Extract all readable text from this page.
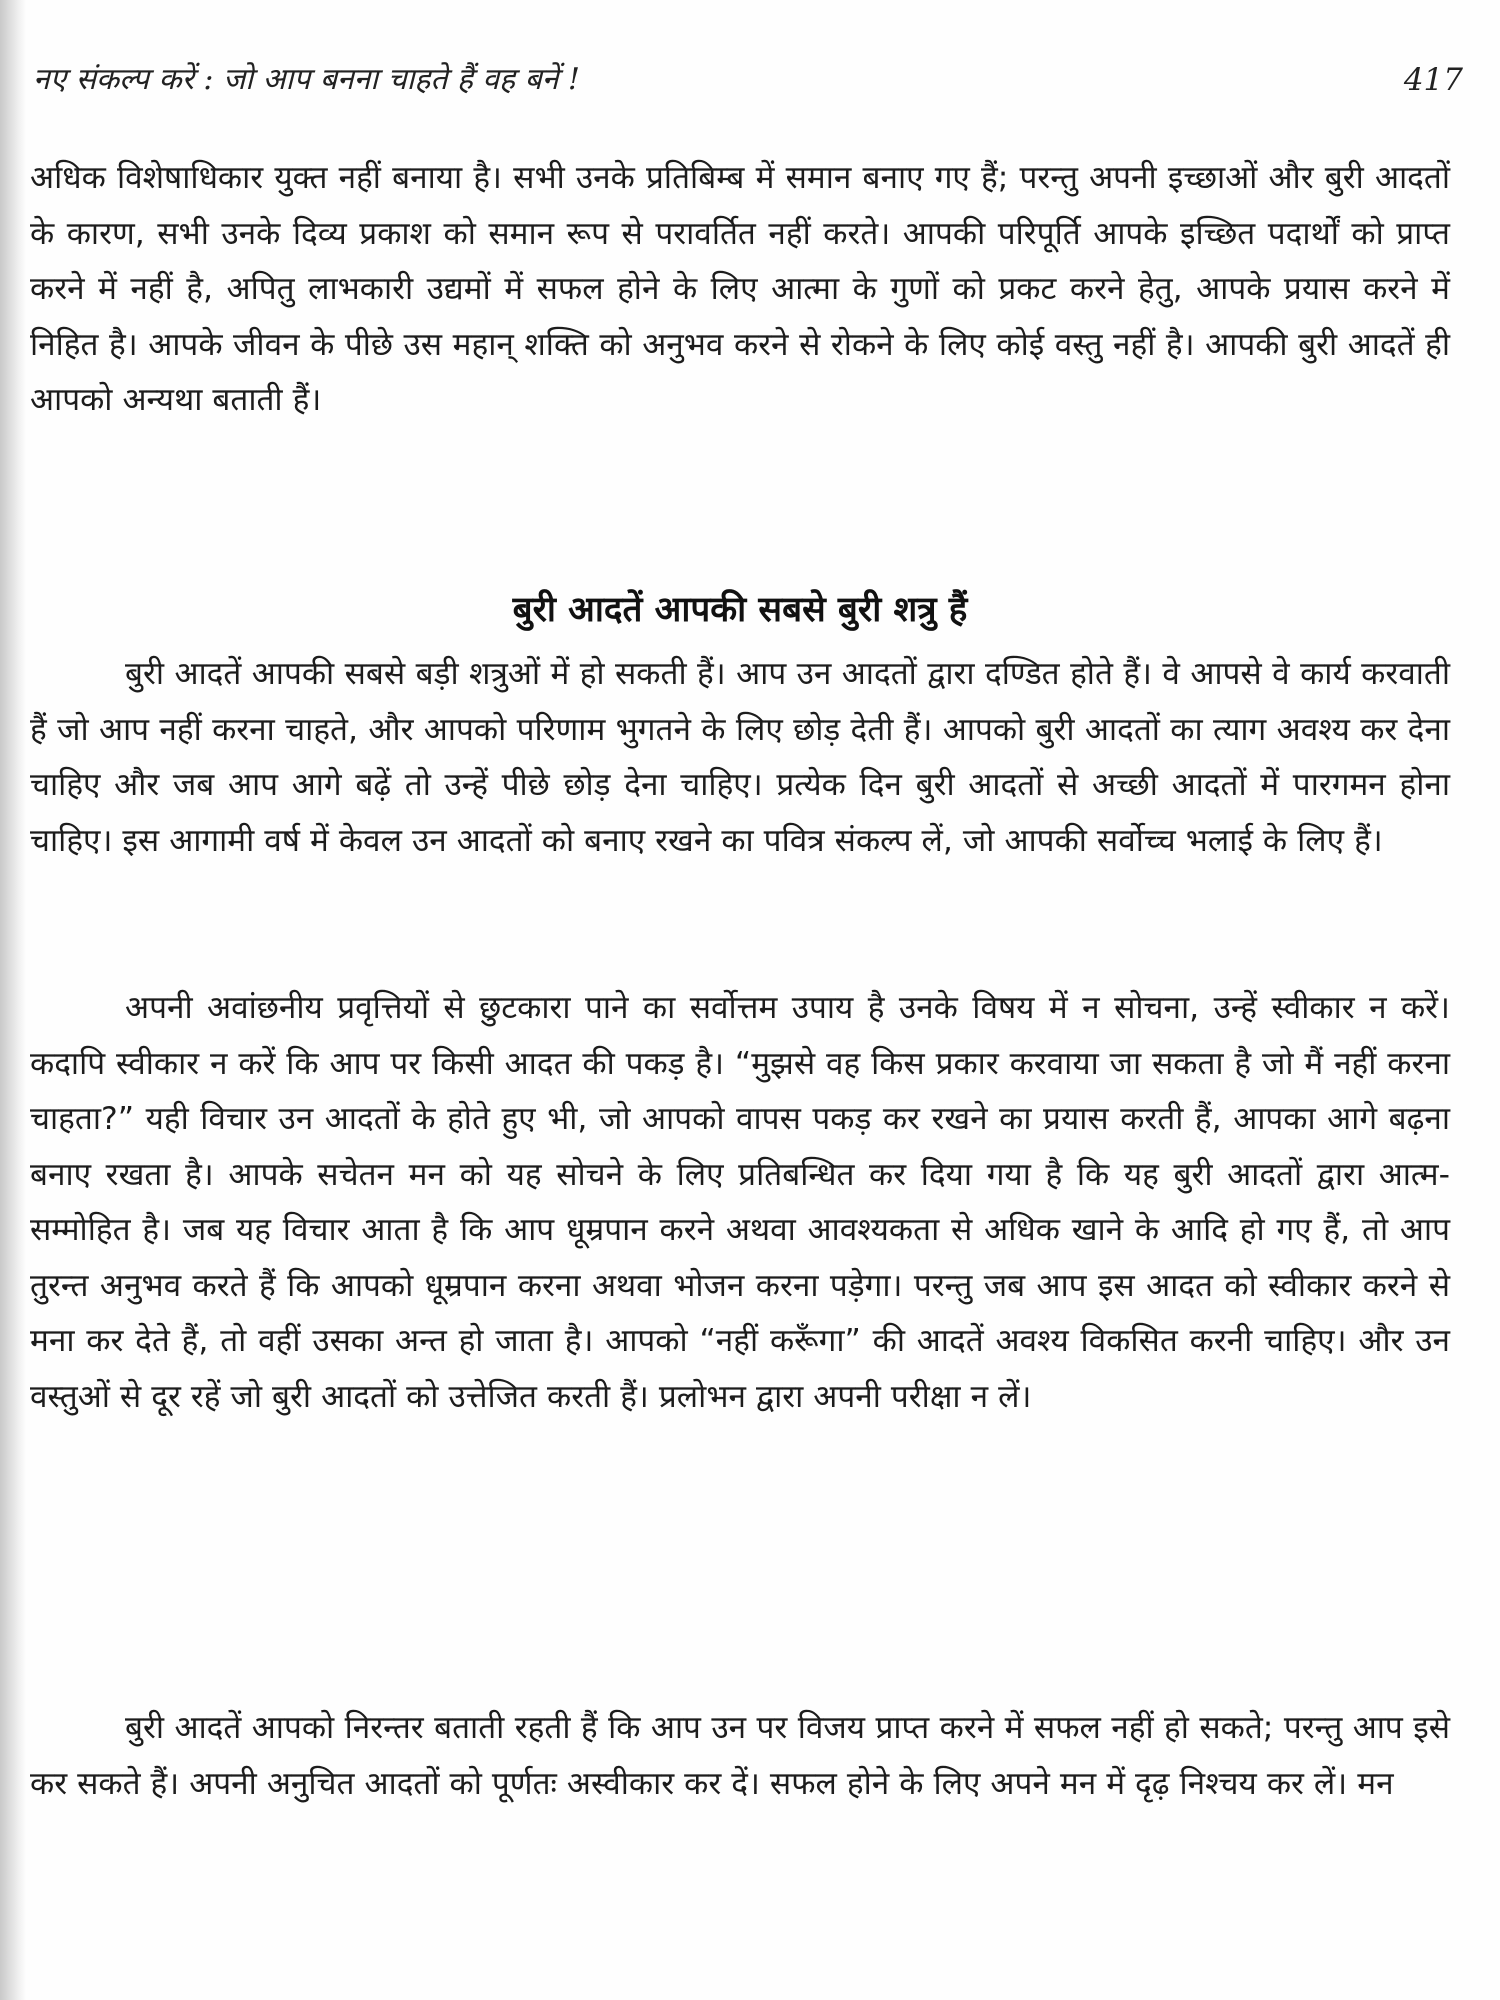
नए संकल्प करें : जो आप बनना चाहते हैं वह बनें !	417

अधिक विशेषाधिकार युक्त नहीं बनाया है। सभी उनके प्रतिबिम्ब में समान बनाए गए हैं; परन्तु अपनी इच्छाओं और बुरी आदतों के कारण, सभी उनके दिव्य प्रकाश को समान रूप से परावर्तित नहीं करते। आपकी परिपूर्ति आपके इच्छित पदार्थों को प्राप्त करने में नहीं है, अपितु लाभकारी उद्यमों में सफल होने के लिए आत्मा के गुणों को प्रकट करने हेतु, आपके प्रयास करने में निहित है। आपके जीवन के पीछे उस महान् शक्ति को अनुभव करने से रोकने के लिए कोई वस्तु नहीं है। आपकी बुरी आदतें ही आपको अन्यथा बताती हैं।

बुरी आदतें आपकी सबसे बुरी शत्रु हैं

बुरी आदतें आपकी सबसे बड़ी शत्रुओं में हो सकती हैं। आप उन आदतों द्वारा दण्डित होते हैं। वे आपसे वे कार्य करवाती हैं जो आप नहीं करना चाहते, और आपको परिणाम भुगतने के लिए छोड़ देती हैं। आपको बुरी आदतों का त्याग अवश्य कर देना चाहिए और जब आप आगे बढ़ें तो उन्हें पीछे छोड़ देना चाहिए। प्रत्येक दिन बुरी आदतों से अच्छी आदतों में पारगमन होना चाहिए। इस आगामी वर्ष में केवल उन आदतों को बनाए रखने का पवित्र संकल्प लें, जो आपकी सर्वोच्च भलाई के लिए हैं।

अपनी अवांछनीय प्रवृत्तियों से छुटकारा पाने का सर्वोत्तम उपाय है उनके विषय में न सोचना, उन्हें स्वीकार न करें। कदापि स्वीकार न करें कि आप पर किसी आदत की पकड़ है। “मुझसे वह किस प्रकार करवाया जा सकता है जो मैं नहीं करना चाहता?” यही विचार उन आदतों के होते हुए भी, जो आपको वापस पकड़ कर रखने का प्रयास करती हैं, आपका आगे बढ़ना बनाए रखता है। आपके सचेतन मन को यह सोचने के लिए प्रतिबन्धित कर दिया गया है कि यह बुरी आदतों द्वारा आत्म-सम्मोहित है। जब यह विचार आता है कि आप धूम्रपान करने अथवा आवश्यकता से अधिक खाने के आदि हो गए हैं, तो आप तुरन्त अनुभव करते हैं कि आपको धूम्रपान करना अथवा भोजन करना पड़ेगा। परन्तु जब आप इस आदत को स्वीकार करने से मना कर देते हैं, तो वहीं उसका अन्त हो जाता है। आपको “नहीं करूँगा” की आदतें अवश्य विकसित करनी चाहिए। और उन वस्तुओं से दूर रहें जो बुरी आदतों को उत्तेजित करती हैं। प्रलोभन द्वारा अपनी परीक्षा न लें।

बुरी आदतें आपको निरन्तर बताती रहती हैं कि आप उन पर विजय प्राप्त करने में सफल नहीं हो सकते; परन्तु आप इसे कर सकते हैं। अपनी अनुचित आदतों को पूर्णतः अस्वीकार कर दें। सफल होने के लिए अपने मन में दृढ़ निश्चय कर लें। मन
